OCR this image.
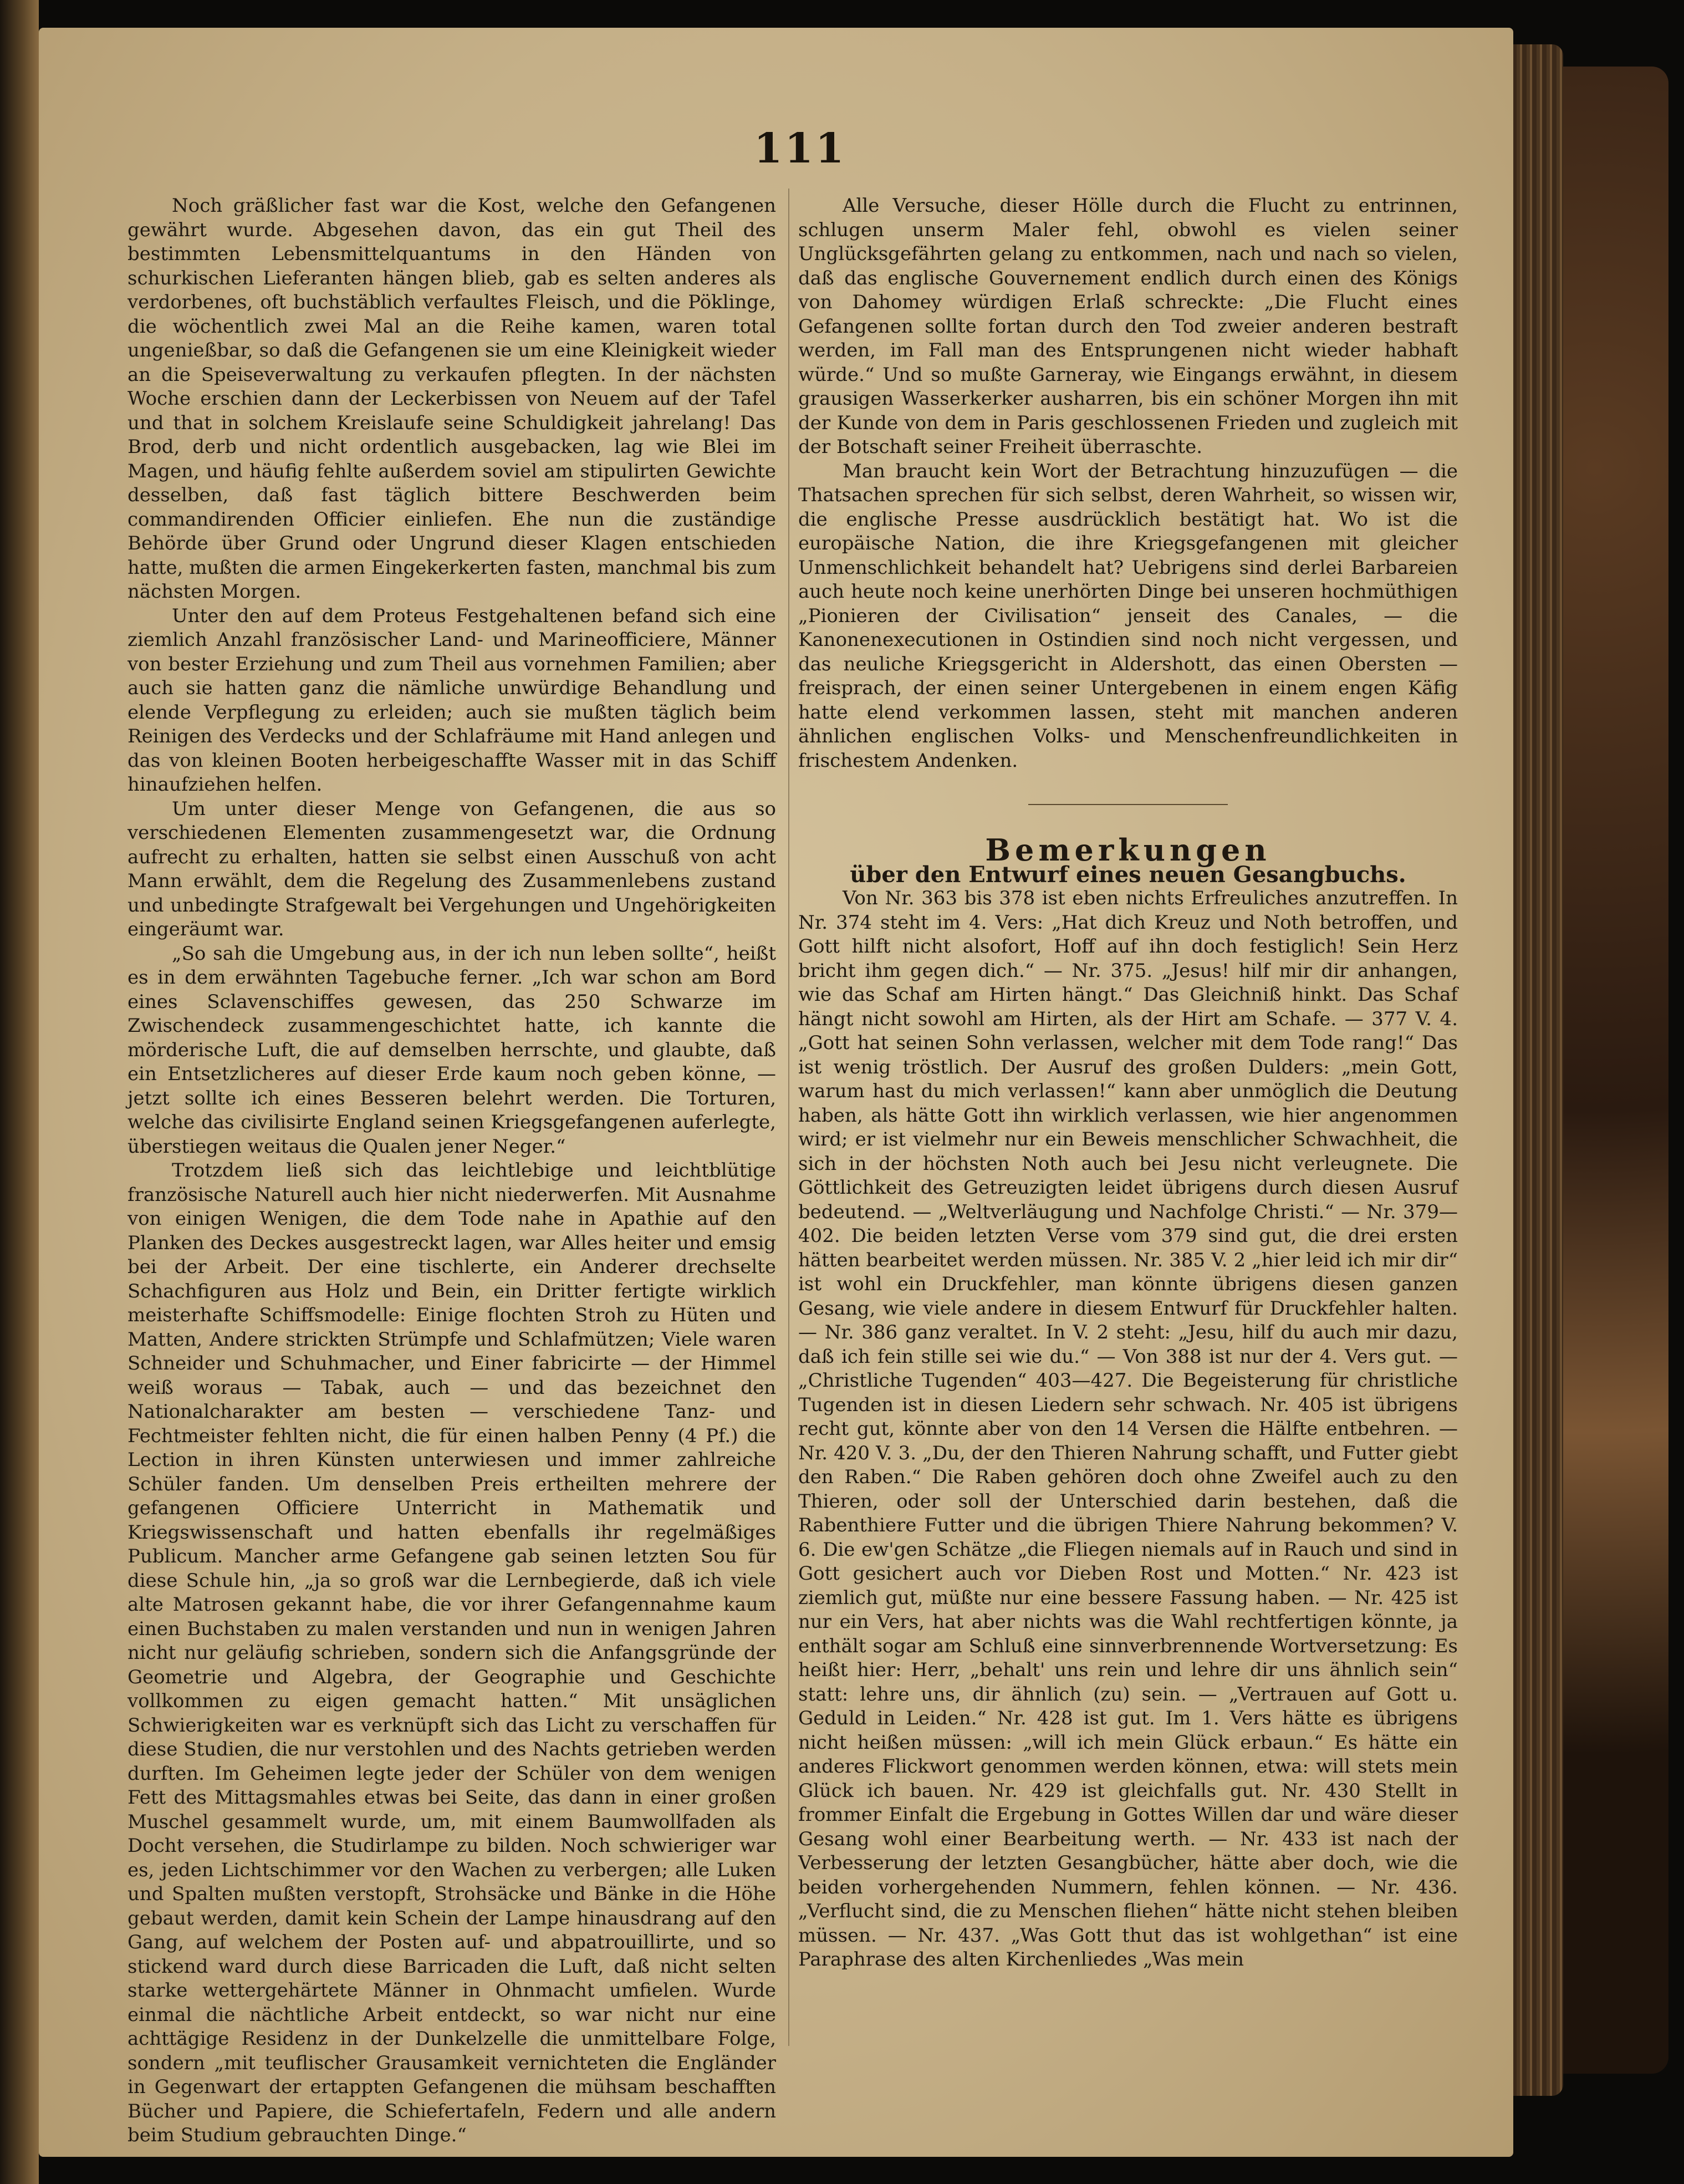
111

Noch gräßlicher fast war die Kost, welche den Gefangenen gewährt wurde. Abgesehen davon, das ein gut Theil des bestimmten Lebensmittelquantums in den Händen von schurkischen Lieferanten hängen blieb, gab es selten anderes als verdorbenes, oft buchstäblich verfaultes Fleisch, und die Pöklinge, die wöchentlich zwei Mal an die Reihe kamen, waren total ungenießbar, so daß die Gefangenen sie um eine Kleinigkeit wieder an die Speiseverwaltung zu verkaufen pflegten. In der nächsten Woche erschien dann der Leckerbissen von Neuem auf der Tafel und that in solchem Kreislaufe seine Schuldigkeit jahrelang! Das Brod, derb und nicht ordentlich ausgebacken, lag wie Blei im Magen, und häufig fehlte außerdem soviel am stipulirten Gewichte desselben, daß fast täglich bittere Beschwerden beim commandirenden Officier einliefen. Ehe nun die zuständige Behörde über Grund oder Ungrund dieser Klagen entschieden hatte, mußten die armen Eingekerkerten fasten, manchmal bis zum nächsten Morgen.

Unter den auf dem Proteus Festgehaltenen befand sich eine ziemlich Anzahl französischer Land- und Marineofficiere, Männer von bester Erziehung und zum Theil aus vornehmen Familien; aber auch sie hatten ganz die nämliche unwürdige Behandlung und elende Verpflegung zu erleiden; auch sie mußten täglich beim Reinigen des Verdecks und der Schlafräume mit Hand anlegen und das von kleinen Booten herbeigeschaffte Wasser mit in das Schiff hinaufziehen helfen.

Um unter dieser Menge von Gefangenen, die aus so verschiedenen Elementen zusammengesetzt war, die Ordnung aufrecht zu erhalten, hatten sie selbst einen Ausschuß von acht Mann erwählt, dem die Regelung des Zusammenlebens zustand und unbedingte Strafgewalt bei Vergehungen und Ungehörigkeiten eingeräumt war.

„So sah die Umgebung aus, in der ich nun leben sollte“, heißt es in dem erwähnten Tagebuche ferner. „Ich war schon am Bord eines Sclavenschiffes gewesen, das 250 Schwarze im Zwischendeck zusammengeschichtet hatte, ich kannte die mörderische Luft, die auf demselben herrschte, und glaubte, daß ein Entsetzlicheres auf dieser Erde kaum noch geben könne, — jetzt sollte ich eines Besseren belehrt werden. Die Torturen, welche das civilisirte England seinen Kriegsgefangenen auferlegte, überstiegen weitaus die Qualen jener Neger.“

Trotzdem ließ sich das leichtlebige und leichtblütige französische Naturell auch hier nicht niederwerfen. Mit Ausnahme von einigen Wenigen, die dem Tode nahe in Apathie auf den Planken des Deckes ausgestreckt lagen, war Alles heiter und emsig bei der Arbeit. Der eine tischlerte, ein Anderer drechselte Schachfiguren aus Holz und Bein, ein Dritter fertigte wirklich meisterhafte Schiffsmodelle: Einige flochten Stroh zu Hüten und Matten, Andere strickten Strümpfe und Schlafmützen; Viele waren Schneider und Schuhmacher, und Einer fabricirte — der Himmel weiß woraus — Tabak, auch — und das bezeichnet den Nationalcharakter am besten — verschiedene Tanz- und Fechtmeister fehlten nicht, die für einen halben Penny (4 Pf.) die Lection in ihren Künsten unterwiesen und immer zahlreiche Schüler fanden. Um denselben Preis ertheilten mehrere der gefangenen Officiere Unterricht in Mathematik und Kriegswissenschaft und hatten ebenfalls ihr regelmäßiges Publicum. Mancher arme Gefangene gab seinen letzten Sou für diese Schule hin, „ja so groß war die Lernbegierde, daß ich viele alte Matrosen gekannt habe, die vor ihrer Gefangennahme kaum einen Buchstaben zu malen verstanden und nun in wenigen Jahren nicht nur geläufig schrieben, sondern sich die Anfangsgründe der Geometrie und Algebra, der Geographie und Geschichte vollkommen zu eigen gemacht hatten.“ Mit unsäglichen Schwierigkeiten war es verknüpft sich das Licht zu verschaffen für diese Studien, die nur verstohlen und des Nachts getrieben werden durften. Im Geheimen legte jeder der Schüler von dem wenigen Fett des Mittagsmahles etwas bei Seite, das dann in einer großen Muschel gesammelt wurde, um, mit einem Baumwollfaden als Docht versehen, die Studirlampe zu bilden. Noch schwieriger war es, jeden Lichtschimmer vor den Wachen zu verbergen; alle Luken und Spalten mußten verstopft, Strohsäcke und Bänke in die Höhe gebaut werden, damit kein Schein der Lampe hinausdrang auf den Gang, auf welchem der Posten auf- und abpatrouillirte, und so stickend ward durch diese Barricaden die Luft, daß nicht selten starke wettergehärtete Männer in Ohnmacht umfielen. Wurde einmal die nächtliche Arbeit entdeckt, so war nicht nur eine achttägige Residenz in der Dunkelzelle die unmittelbare Folge, sondern „mit teuflischer Grausamkeit vernichteten die Engländer in Gegenwart der ertappten Gefangenen die mühsam beschafften Bücher und Papiere, die Schiefertafeln, Federn und alle andern beim Studium gebrauchten Dinge.“

Alle Versuche, dieser Hölle durch die Flucht zu entrinnen, schlugen unserm Maler fehl, obwohl es vielen seiner Unglücksgefährten gelang zu entkommen, nach und nach so vielen, daß das englische Gouvernement endlich durch einen des Königs von Dahomey würdigen Erlaß schreckte: „Die Flucht eines Gefangenen sollte fortan durch den Tod zweier anderen bestraft werden, im Fall man des Entsprungenen nicht wieder habhaft würde.“ Und so mußte Garneray, wie Eingangs erwähnt, in diesem grausigen Wasserkerker ausharren, bis ein schöner Morgen ihn mit der Kunde von dem in Paris geschlossenen Frieden und zugleich mit der Botschaft seiner Freiheit überraschte.

Man braucht kein Wort der Betrachtung hinzuzufügen — die Thatsachen sprechen für sich selbst, deren Wahrheit, so wissen wir, die englische Presse ausdrücklich bestätigt hat. Wo ist die europäische Nation, die ihre Kriegsgefangenen mit gleicher Unmenschlichkeit behandelt hat? Uebrigens sind derlei Barbareien auch heute noch keine unerhörten Dinge bei unseren hochmüthigen „Pionieren der Civilisation“ jenseit des Canales, — die Kanonenexecutionen in Ostindien sind noch nicht vergessen, und das neuliche Kriegsgericht in Aldershott, das einen Obersten — freisprach, der einen seiner Untergebenen in einem engen Käfig hatte elend verkommen lassen, steht mit manchen anderen ähnlichen englischen Volks- und Menschenfreundlichkeiten in frischestem Andenken.

Bemerkungen

über den Entwurf eines neuen Gesangbuchs.

Von Nr. 363 bis 378 ist eben nichts Erfreuliches anzutreffen. In Nr. 374 steht im 4. Vers: „Hat dich Kreuz und Noth betroffen, und Gott hilft nicht alsofort, Hoff auf ihn doch festiglich! Sein Herz bricht ihm gegen dich.“ — Nr. 375. „Jesus! hilf mir dir anhangen, wie das Schaf am Hirten hängt.“ Das Gleichniß hinkt. Das Schaf hängt nicht sowohl am Hirten, als der Hirt am Schafe. — 377 V. 4. „Gott hat seinen Sohn verlassen, welcher mit dem Tode rang!“ Das ist wenig tröstlich. Der Ausruf des großen Dulders: „mein Gott, warum hast du mich verlassen!“ kann aber unmöglich die Deutung haben, als hätte Gott ihn wirklich verlassen, wie hier angenommen wird; er ist vielmehr nur ein Beweis menschlicher Schwachheit, die sich in der höchsten Noth auch bei Jesu nicht verleugnete. Die Göttlichkeit des Getreuzigten leidet übrigens durch diesen Ausruf bedeutend. — „Weltverläugung und Nachfolge Christi.“ — Nr. 379—402. Die beiden letzten Verse vom 379 sind gut, die drei ersten hätten bearbeitet werden müssen. Nr. 385 V. 2 „hier leid ich mir dir“ ist wohl ein Druckfehler, man könnte übrigens diesen ganzen Gesang, wie viele andere in diesem Entwurf für Druckfehler halten. — Nr. 386 ganz veraltet. In V. 2 steht: „Jesu, hilf du auch mir dazu, daß ich fein stille sei wie du.“ — Von 388 ist nur der 4. Vers gut. — „Christliche Tugenden“ 403—427. Die Begeisterung für christliche Tugenden ist in diesen Liedern sehr schwach. Nr. 405 ist übrigens recht gut, könnte aber von den 14 Versen die Hälfte entbehren. — Nr. 420 V. 3. „Du, der den Thieren Nahrung schafft, und Futter giebt den Raben.“ Die Raben gehören doch ohne Zweifel auch zu den Thieren, oder soll der Unterschied darin bestehen, daß die Rabenthiere Futter und die übrigen Thiere Nahrung bekommen? V. 6. Die ew'gen Schätze „die Fliegen niemals auf in Rauch und sind in Gott gesichert auch vor Dieben Rost und Motten.“ Nr. 423 ist ziemlich gut, müßte nur eine bessere Fassung haben. — Nr. 425 ist nur ein Vers, hat aber nichts was die Wahl rechtfertigen könnte, ja enthält sogar am Schluß eine sinnverbrennende Wortversetzung: Es heißt hier: Herr, „behalt' uns rein und lehre dir uns ähnlich sein“ statt: lehre uns, dir ähnlich (zu) sein. — „Vertrauen auf Gott u. Geduld in Leiden.“ Nr. 428 ist gut. Im 1. Vers hätte es übrigens nicht heißen müssen: „will ich mein Glück erbaun.“ Es hätte ein anderes Flickwort genommen werden können, etwa: will stets mein Glück ich bauen. Nr. 429 ist gleichfalls gut. Nr. 430 Stellt in frommer Einfalt die Ergebung in Gottes Willen dar und wäre dieser Gesang wohl einer Bearbeitung werth. — Nr. 433 ist nach der Verbesserung der letzten Gesangbücher, hätte aber doch, wie die beiden vorhergehenden Nummern, fehlen können. — Nr. 436. „Verflucht sind, die zu Menschen fliehen“ hätte nicht stehen bleiben müssen. — Nr. 437. „Was Gott thut das ist wohlgethan“ ist eine Paraphrase des alten Kirchenliedes „Was mein
